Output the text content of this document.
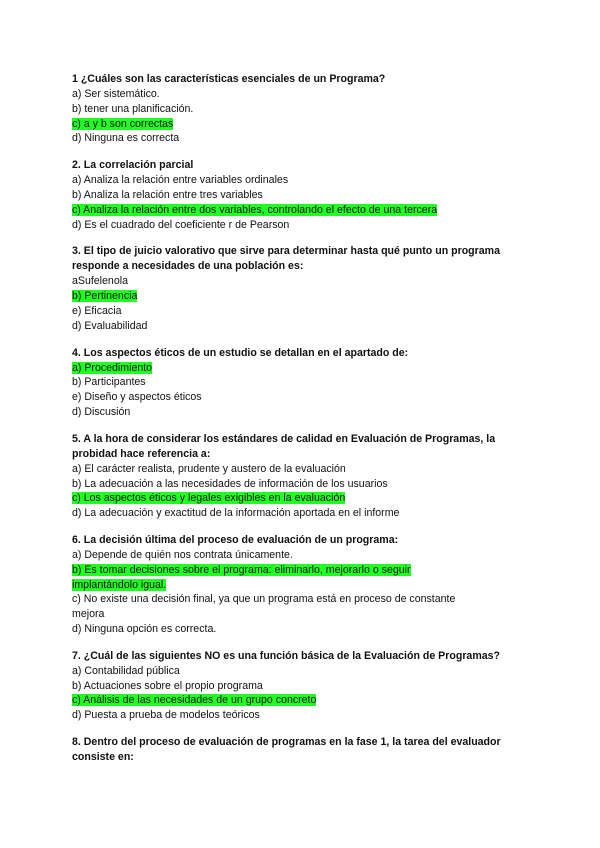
1 ¿Cuáles son las características esenciales de un Programa?

a) Ser sistemático.

b) tener una planificación.

c) a y b son correctas

d) Ninguna es correcta

2. La correlación parcial

a) Analiza la relación entre variables ordinales

b) Analiza la relación entre tres variables

c) Analiza la relación entre dos variables, controlando el efecto de una tercera

d) Es el cuadrado del coeficiente r de Pearson

3. El tipo de juicio valorativo que sirve para determinar hasta qué punto un programa responde a necesidades de una población es:

aSufelenola

b) Pertinencia

e) Eficacia

d) Evaluabilidad

4. Los aspectos éticos de un estudio se detallan en el apartado de:

a) Procedimiento

b) Participantes

e) Diseño y aspectos éticos

d) Discusión

5. A la hora de considerar los estándares de calidad en Evaluación de Programas, la probidad hace referencia a:

a) El carácter realista, prudente y austero de la evaluación

b) La adecuación a las necesidades de información de los usuarios

c) Los aspectos éticos y legales exigibles en la evaluación

d) La adecuación y exactitud de la información aportada en el informe

6. La decisión última del proceso de evaluación de un programa:

a) Depende de quién nos contrata únicamente.

b) Es tomar decisiones sobre el programa: eliminarlo, mejorarlo o seguir

implantándolo igual.

c) No existe una decisión final, ya que un programa está en proceso de constante

mejora

d) Ninguna opción es correcta.

7. ¿Cuál de las siguientes NO es una función básica de la Evaluación de Programas?

a) Contabilidad pública

b) Actuaciones sobre el propio programa

c) Análisis de las necesidades de un grupo concreto

d) Puesta a prueba de modelos teóricos

8. Dentro del proceso de evaluación de programas en la fase 1, la tarea del evaluador consiste en:
